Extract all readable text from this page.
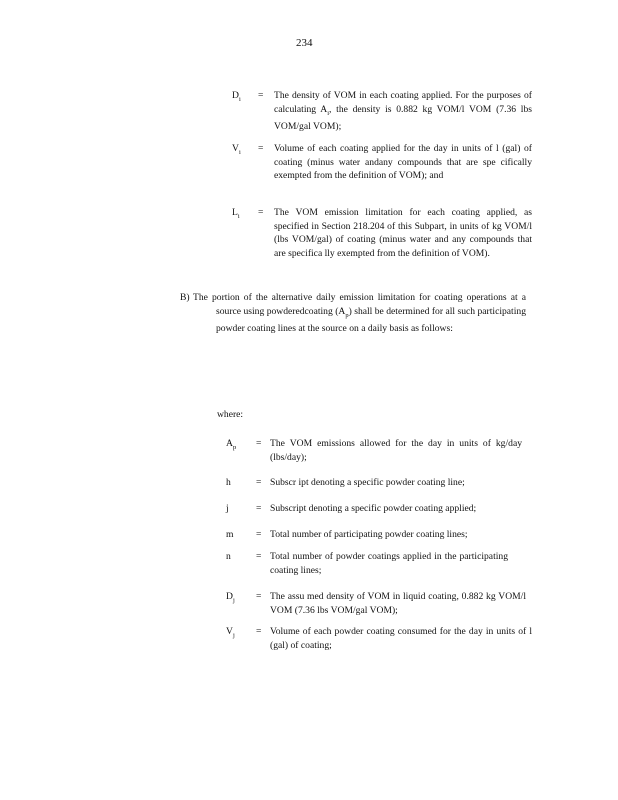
234
$D_i$	= The density of VOM in each coating applied. For the purposes of calculating $A_i$, the density is 0.882 kg VOM/l VOM (7.36 lbs VOM/gal VOM);
$V_i$	= Volume of each coating applied for the day in units of l (gal) of coating (minus water andany compounds that are spe cifically exempted from the definition of VOM); and
$L_i$	= The VOM emission limitation for each coating applied, as specified in Section 218.204 of this Subpart, in units of kg VOM/l (lbs VOM/gal) of coating (minus water and any compounds that are specifica lly exempted from the definition of VOM).
B) The portion of the alternative daily emission limitation for coating operations at a source using powderedcoating $(A_p)$ shall be determined for all such participating powder coating lines at the source on a daily basis as follows:
where:
$A_p$	= The VOM emissions allowed for the day in units of kg/day (lbs/day);
h	= Subscr ipt denoting a specific powder coating line;
j	= Subscript denoting a specific powder coating applied;
m	= Total number of participating powder coating lines;
n	= Total number of powder coatings applied in the participating coating lines;
$D_j$	= The assu med density of VOM in liquid coating, 0.882 kg VOM/l VOM (7.36 lbs VOM/gal VOM);
$V_j$	= Volume of each powder coating consumed for the day in units of l (gal) of coating;
